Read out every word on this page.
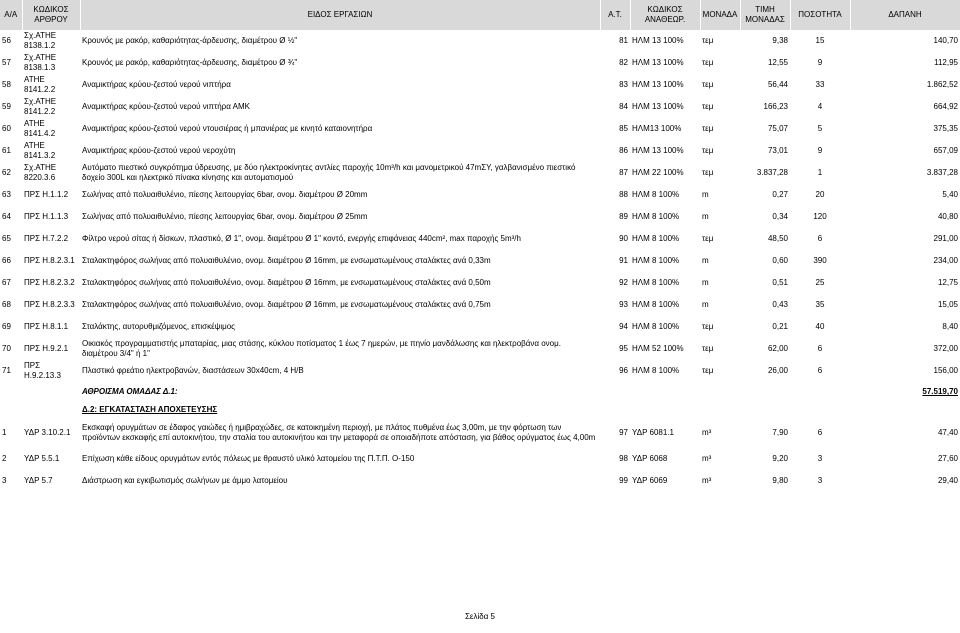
Α/Α	ΚΩΔΙΚΟΣ ΑΡΘΡΟΥ	ΕΙΔΟΣ ΕΡΓΑΣΙΩΝ	Α.Τ.	ΚΩΔΙΚΟΣ ΑΝΑΘΕΩΡ.	ΜΟΝΑΔΑ	ΤΙΜΗ ΜΟΝΑΔΑΣ	ΠΟΣΟΤΗΤΑ	ΔΑΠΑΝΗ
56	Σχ.ΑΤΗΕ 8138.1.2	Κρουνός με ρακόρ, καθαριότητας-άρδευσης, διαμέτρου Ø ½"	81	ΗΛΜ 13 100%	τεμ	9,38	15	140,70
57	Σχ.ΑΤΗΕ 8138.1.3	Κρουνός με ρακόρ, καθαριότητας-άρδευσης, διαμέτρου Ø ¾"	82	ΗΛΜ 13 100%	τεμ	12,55	9	112,95
58	ΑΤΗΕ 8141.2.2	Αναμικτήρας κρύου-ζεστού νερού νιπτήρα	83	ΗΛΜ 13 100%	τεμ	56,44	33	1.862,52
59	Σχ.ΑΤΗΕ 8141.2.2	Αναμικτήρας κρύου-ζεστού νερού νιπτήρα ΑΜΚ	84	ΗΛΜ 13 100%	τεμ	166,23	4	664,92
60	ΑΤΗΕ 8141.4.2	Αναμικτήρας κρύου-ζεστού νερού ντουσιέρας ή μπανιέρας με κινητό καταιονητήρα	85	ΗΛΜ13 100%	τεμ	75,07	5	375,35
61	ΑΤΗΕ 8141.3.2	Αναμικτήρας κρύου-ζεστού νερού νεροχύτη	86	ΗΛΜ 13 100%	τεμ	73,01	9	657,09
62	Σχ.ΑΤΗΕ 8220.3.6	Αυτόματο πιεστικό συγκρότημα ύδρευσης, με δύο ηλεκτροκίνητες αντλίες παροχής 10m³/h και μανομετρικού 47mΣΥ, γαλβανισμένο πιεστικό δοχείο 300L και ηλεκτρικό πίνακα κίνησης και αυτοματισμού	87	ΗΛΜ 22 100%	τεμ	3.837,28	1	3.837,28
63	ΠΡΣ Η.1.1.2	Σωλήνας από πολυαιθυλένιο, πίεσης λειτουργίας 6bar, ονομ. διαμέτρου Ø 20mm	88	ΗΛΜ 8 100%	m	0,27	20	5,40
64	ΠΡΣ Η.1.1.3	Σωλήνας από πολυαιθυλένιο, πίεσης λειτουργίας 6bar, ονομ. διαμέτρου Ø 25mm	89	ΗΛΜ 8 100%	m	0,34	120	40,80
65	ΠΡΣ Η.7.2.2	Φίλτρο νερού σίτας ή δίσκων, πλαστικό, Ø 1", ονομ. διαμέτρου Ø 1" κοντό, ενεργής επιφάνειας 440cm², max παροχής 5m³/h	90	ΗΛΜ 8 100%	τεμ	48,50	6	291,00
66	ΠΡΣ Η.8.2.3.1	Σταλακτηφόρος σωλήνας από πολυαιθυλένιο, ονομ. διαμέτρου Ø 16mm, με ενσωματωμένους σταλάκτες ανά 0,33m	91	ΗΛΜ 8 100%	m	0,60	390	234,00
67	ΠΡΣ Η.8.2.3.2	Σταλακτηφόρος σωλήνας από πολυαιθυλένιο, ονομ. διαμέτρου Ø 16mm, με ενσωματωμένους σταλάκτες ανά 0,50m	92	ΗΛΜ 8 100%	m	0,51	25	12,75
68	ΠΡΣ Η.8.2.3.3	Σταλακτηφόρος σωλήνας από πολυαιθυλένιο, ονομ. διαμέτρου Ø 16mm, με ενσωματωμένους σταλάκτες ανά 0,75m	93	ΗΛΜ 8 100%	m	0,43	35	15,05
69	ΠΡΣ Η.8.1.1	Σταλάκτης, αυτορυθμιζόμενος, επισκέψιμος	94	ΗΛΜ 8 100%	τεμ	0,21	40	8,40
70	ΠΡΣ Η.9.2.1	Οικιακός προγραμματιστής μπαταρίας, μιας στάσης, κύκλου ποτίσματος 1 έως 7 ημερών, με πηνίο μανδάλωσης και ηλεκτροβάνα ονομ. διαμέτρου 3/4" ή 1"	95	ΗΛΜ 52 100%	τεμ	62,00	6	372,00
71	ΠΡΣ Η.9.2.13.3	Πλαστικό φρεάτιο ηλεκτροβανών, διαστάσεων 30x40cm, 4 H/B	96	ΗΛΜ 8 100%	τεμ	26,00	6	156,00
		ΑΘΡΟΙΣΜΑ ΟΜΑΔΑΣ Δ.1:						57.519,70
		Δ.2: ΕΓΚΑΤΑΣΤΑΣΗ ΑΠΟΧΕΤΕΥΣΗΣ						
1	ΥΔΡ 3.10.2.1	Εκσκαφή ορυγμάτων σε έδαφος γαιώδες ή ημιβραχώδες, σε κατοικημένη περιοχή, με πλάτος πυθμένα έως 3,00m, με την φόρτωση των προϊόντων εκσκαφής επί αυτοκινήτου, την σταλία του αυτοκινήτου και την μεταφορά σε οποιαδήποτε απόσταση, για βάθος ορύγματος έως 4,00m	97	ΥΔΡ 6081.1	m³	7,90	6	47,40
2	ΥΔΡ 5.5.1	Επίχωση κάθε είδους ορυγμάτων εντός πόλεως με θραυστό υλικό λατομείου της Π.Τ.Π. Ο-150	98	ΥΔΡ 6068	m³	9,20	3	27,60
3	ΥΔΡ 5.7	Διάστρωση και εγκιβωτισμός σωλήνων με άμμο λατομείου	99	ΥΔΡ 6069	m³	9,80	3	29,40
Σελίδα 5
